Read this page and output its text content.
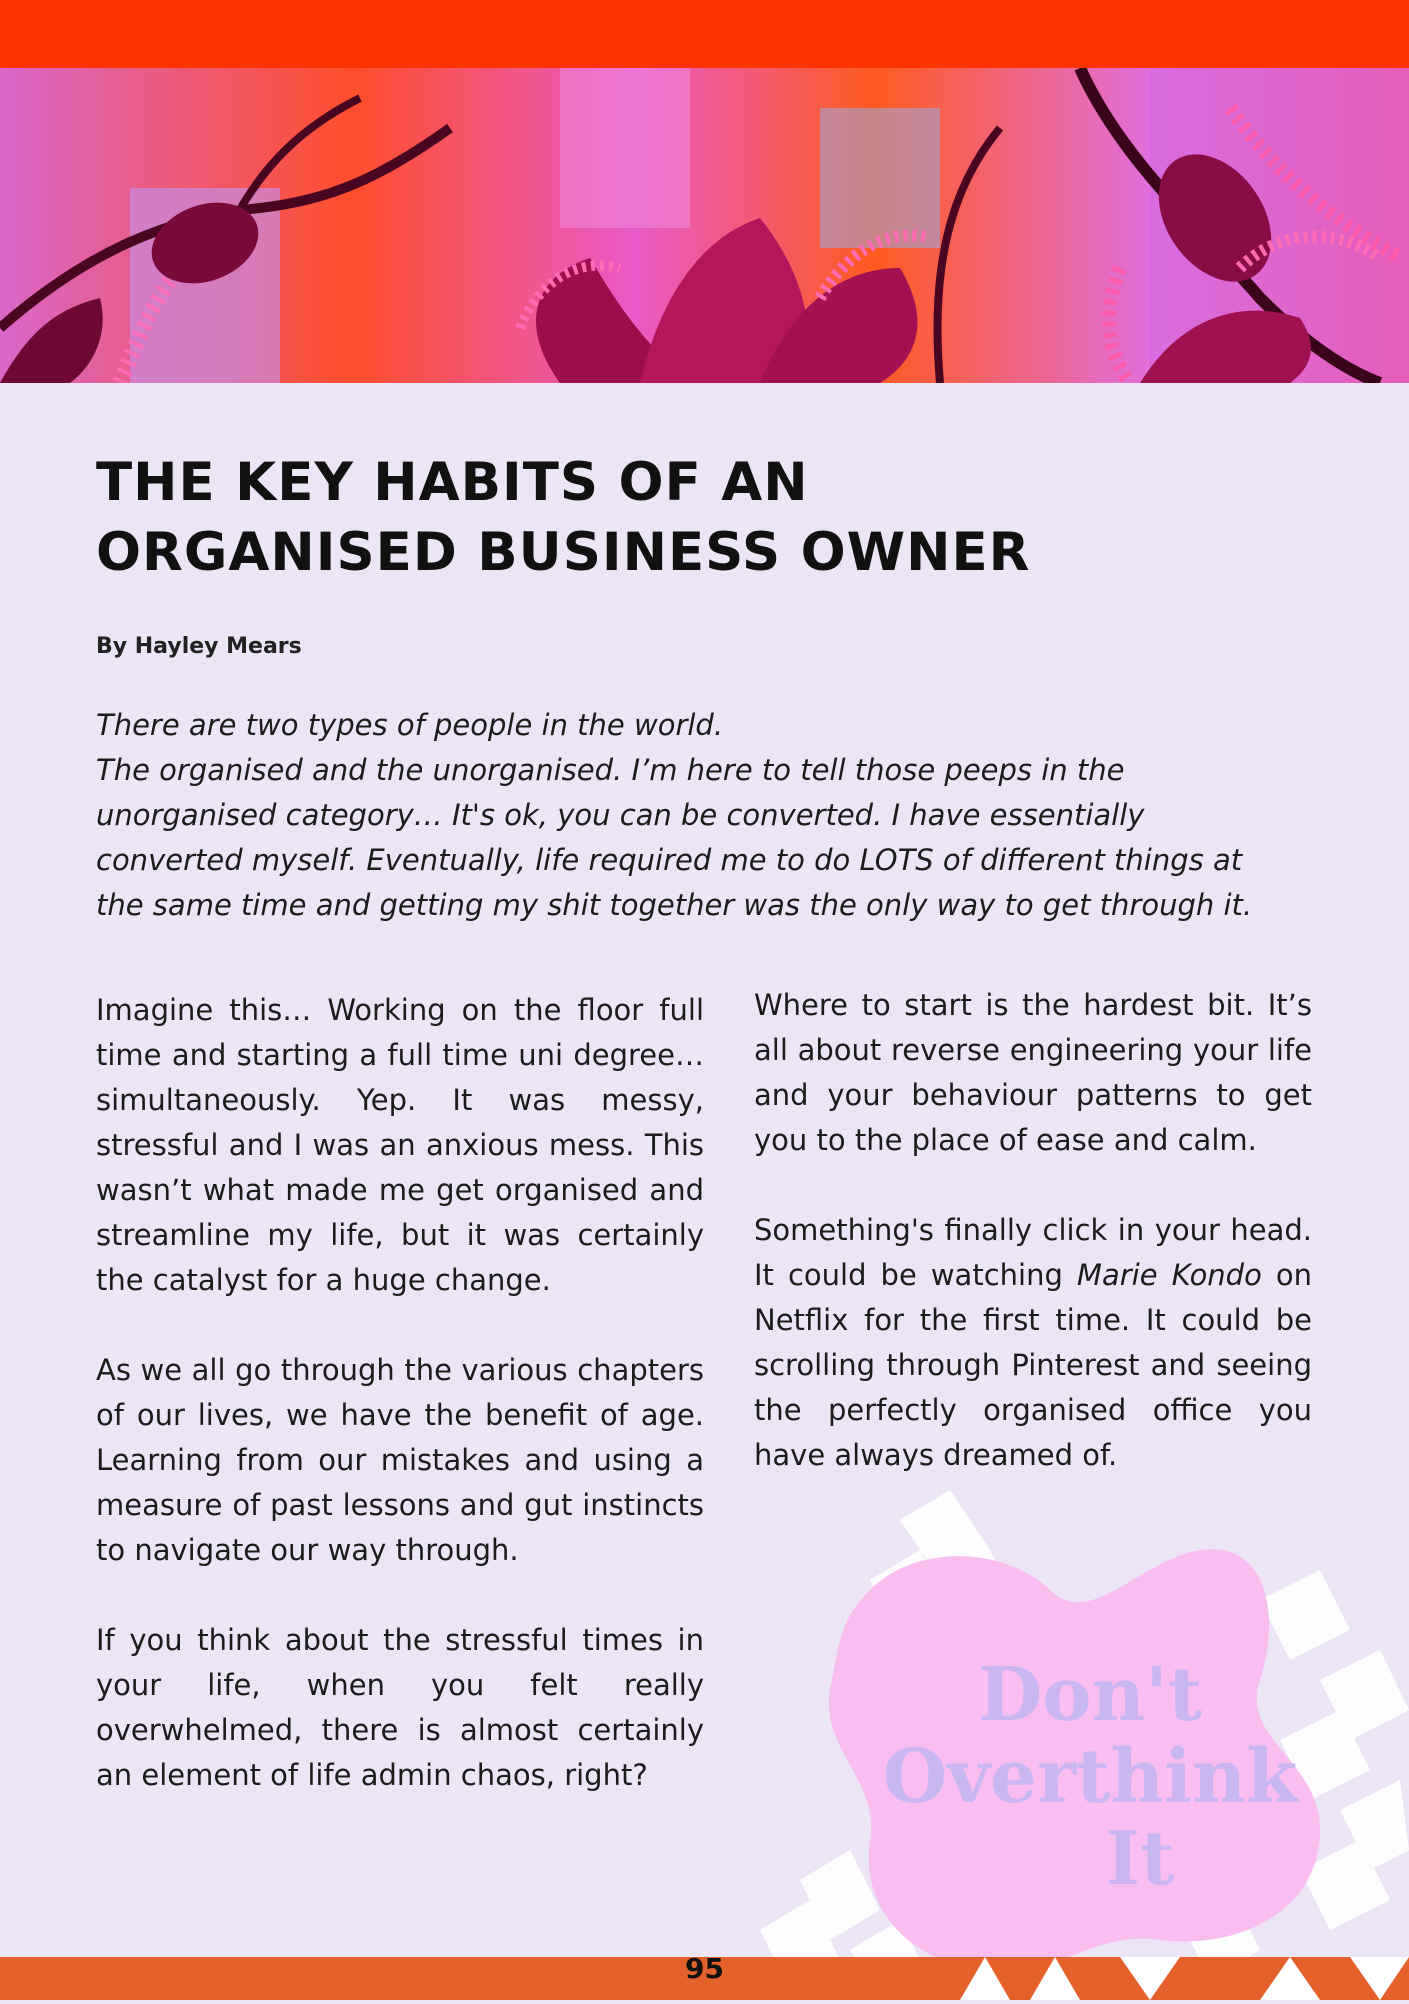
THE KEY HABITS OF AN
ORGANISED BUSINESS OWNER
By Hayley Mears

There are two types of people in the world.
The organised and the unorganised. I’m here to tell those peeps in the
unorganised category… It's ok, you can be converted. I have essentially
converted myself. Eventually, life required me to do LOTS of different things at
the same time and getting my shit together was the only way to get through it.

Imagine this… Working on the floor full time and starting a full time uni degree… simultaneously. Yep. It was messy, stressful and I was an anxious mess. This wasn’t what made me get organised and streamline my life, but it was certainly the catalyst for a huge change.

As we all go through the various chapters of our lives, we have the benefit of age. Learning from our mistakes and using a measure of past lessons and gut instincts to navigate our way through.

If you think about the stressful times in your life, when you felt really overwhelmed, there is almost certainly an element of life admin chaos, right?

Where to start is the hardest bit. It’s all about reverse engineering your life and your behaviour patterns to get you to the place of ease and calm.

Something's finally click in your head. It could be watching Marie Kondo on Netflix for the first time. It could be scrolling through Pinterest and seeing the perfectly organised office you have always dreamed of.

Don't
Overthink
It
95
